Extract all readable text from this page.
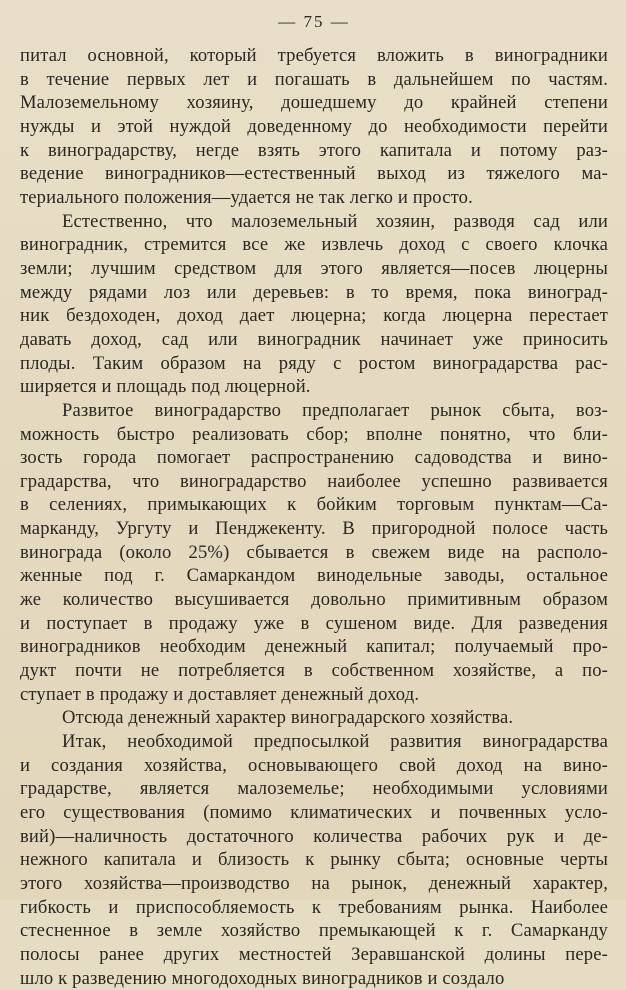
— 75 —
питал основной, который требуется вложить в виноградники
в течение первых лет и погашать в дальнейшем по частям.
Малоземельному хозяину, дошедшему до крайней степени
нужды и этой нуждой доведенному до необходимости перейти
к виноградарству, негде взять этого капитала и потому раз-
ведение виноградников—естественный выход из тяжелого ма-
териального положения—удается не так легко и просто.
Естественно, что малоземельный хозяин, разводя сад или
виноградник, стремится все же извлечь доход с своего клочка
земли; лучшим средством для этого является—посев люцерны
между рядами лоз или деревьев: в то время, пока виноград-
ник бездоходен, доход дает люцерна; когда люцерна перестает
давать доход, сад или виноградник начинает уже приносить
плоды. Таким образом на ряду с ростом виноградарства рас-
ширяется и площадь под люцерной.
Развитое виноградарство предполагает рынок сбыта, воз-
можность быстро реализовать сбор; вполне понятно, что бли-
зость города помогает распространению садоводства и вино-
градарства, что виноградарство наиболее успешно развивается
в селениях, примыкающих к бойким торговым пунктам—Са-
марканду, Ургуту и Пенджекенту. В пригородной полосе часть
винограда (около 25%) сбывается в свежем виде на располо-
женные под г. Самаркандом винодельные заводы, остальное
же количество высушивается довольно примитивным образом
и поступает в продажу уже в сушеном виде. Для разведения
виноградников необходим денежный капитал; получаемый про-
дукт почти не потребляется в собственном хозяйстве, а по-
ступает в продажу и доставляет денежный доход.
Отсюда денежный характер виноградарского хозяйства.
Итак, необходимой предпосылкой развития виноградарства
и создания хозяйства, основывающего свой доход на вино-
градарстве, является малоземелье; необходимыми условиями
его существования (помимо климатических и почвенных усло-
вий)—наличность достаточного количества рабочих рук и де-
нежного капитала и близость к рынку сбыта; основные черты
этого хозяйства—производство на рынок, денежный характер,
гибкость и приспособляемость к требованиям рынка. Наиболее
стесненное в земле хозяйство премыкающей к г. Самарканду
полосы ранее других местностей Зеравшанской долины пере-
шло к разведению многодоходных виноградников и создало
